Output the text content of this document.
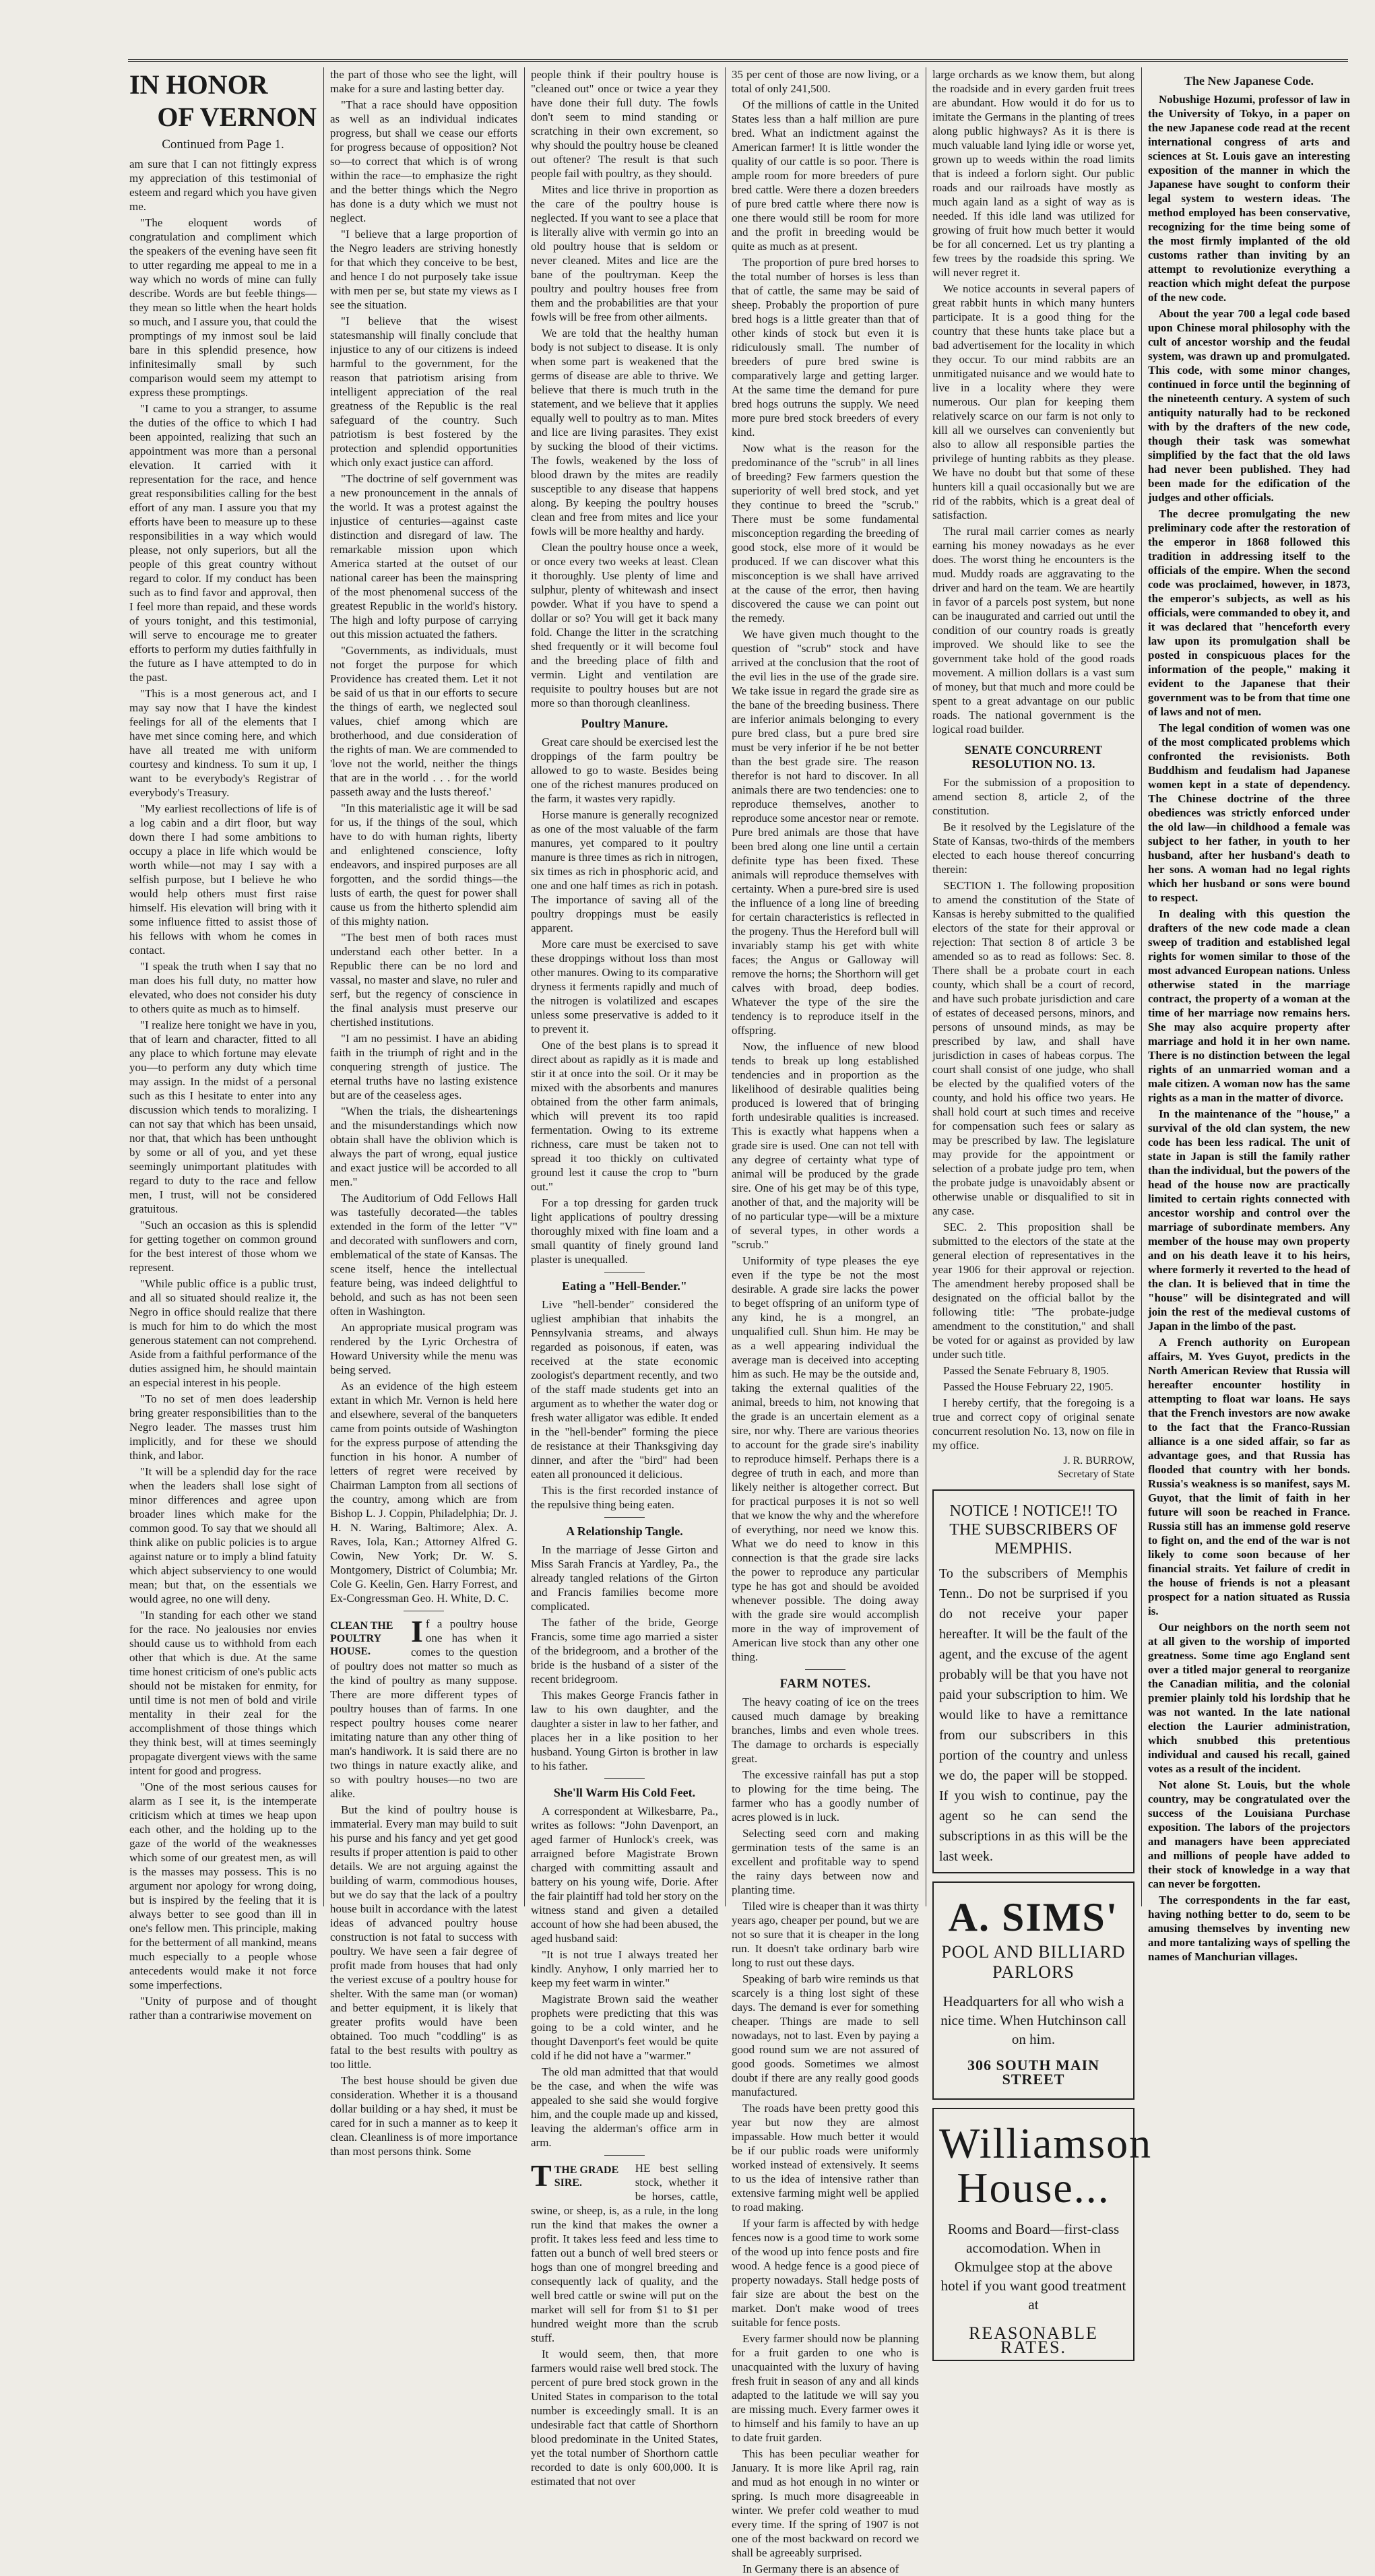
IN HONOR
OF VERNON
Continued from Page 1.

am sure that I can not fittingly express my appreciation of this testimonial of esteem and regard which you have given me.

"The eloquent words of congratulation and compliment which the speakers of the evening have seen fit to utter regarding me appeal to me in a way which no words of mine can fully describe. Words are but feeble things—they mean so little when the heart holds so much, and I assure you, that could the promptings of my inmost soul be laid bare in this splendid presence, how infinitesimally small by such comparison would seem my attempt to express these promptings.

"I came to you a stranger, to assume the duties of the office to which I had been appointed, realizing that such an appointment was more than a personal elevation. It carried with it representation for the race, and hence great responsibilities calling for the best effort of any man. I assure you that my efforts have been to measure up to these responsibilities in a way which would please, not only superiors, but all the people of this great country without regard to color. If my conduct has been such as to find favor and approval, then I feel more than repaid, and these words of yours tonight, and this testimonial, will serve to encourage me to greater efforts to perform my duties faithfully in the future as I have attempted to do in the past.

"This is a most generous act, and I may say now that I have the kindest feelings for all of the elements that I have met since coming here, and which have all treated me with uniform courtesy and kindness. To sum it up, I want to be everybody's Registrar of everybody's Treasury.

"My earliest recollections of life is of a log cabin and a dirt floor, but way down there I had some ambitions to occupy a place in life which would be worth while—not may I say with a selfish purpose, but I believe he who would help others must first raise himself. His elevation will bring with it some influence fitted to assist those of his fellows with whom he comes in contact.

"I speak the truth when I say that no man does his full duty, no matter how elevated, who does not consider his duty to others quite as much as to himself.

"I realize here tonight we have in you, that of learn and character, fitted to all any place to which fortune may elevate you—to perform any duty which time may assign. In the midst of a personal such as this I hesitate to enter into any discussion which tends to moralizing. I can not say that which has been unsaid, nor that, that which has been unthought by some or all of you, and yet these seemingly unimportant platitudes with regard to duty to the race and fellow men, I trust, will not be considered gratuitous.

"Such an occasion as this is splendid for getting together on common ground for the best interest of those whom we represent.

"While public office is a public trust, and all so situated should realize it, the Negro in office should realize that there is much for him to do which the most generous statement can not comprehend. Aside from a faithful performance of the duties assigned him, he should maintain an especial interest in his people.

"To no set of men does leadership bring greater responsibilities than to the Negro leader. The masses trust him implicitly, and for these we should think, and labor.

"It will be a splendid day for the race when the leaders shall lose sight of minor differences and agree upon broader lines which make for the common good. To say that we should all think alike on public policies is to argue against nature or to imply a blind fatuity which abject subserviency to one would mean; but that, on the essentials we would agree, no one will deny.

"In standing for each other we stand for the race. No jealousies nor envies should cause us to withhold from each other that which is due. At the same time honest criticism of one's public acts should not be mistaken for enmity, for until time is not men of bold and virile mentality in their zeal for the accomplishment of those things which they think best, will at times seemingly propagate divergent views with the same intent for good and progress.

"One of the most serious causes for alarm as I see it, is the intemperate criticism which at times we heap upon each other, and the holding up to the gaze of the world of the weaknesses which some of our greatest men, as will is the masses may possess. This is no argument nor apology for wrong doing, but is inspired by the feeling that it is always better to see good than ill in one's fellow men. This principle, making for the betterment of all mankind, means much especially to a people whose antecedents would make it not force some imperfections.

"Unity of purpose and of thought rather than a contrariwise movement on

the part of those who see the light, will make for a sure and lasting better day.

"That a race should have opposition as well as an individual indicates progress, but shall we cease our efforts for progress because of opposition? Not so—to correct that which is of wrong within the race—to emphasize the right and the better things which the Negro has done is a duty which we must not neglect.

"I believe that a large proportion of the Negro leaders are striving honestly for that which they conceive to be best, and hence I do not purposely take issue with men per se, but state my views as I see the situation.

"I believe that the wisest statesmanship will finally conclude that injustice to any of our citizens is indeed harmful to the government, for the reason that patriotism arising from intelligent appreciation of the real greatness of the Republic is the real safeguard of the country. Such patriotism is best fostered by the protection and splendid opportunities which only exact justice can afford.

"The doctrine of self government was a new pronouncement in the annals of the world. It was a protest against the injustice of centuries—against caste distinction and disregard of law. The remarkable mission upon which America started at the outset of our national career has been the mainspring of the most phenomenal success of the greatest Republic in the world's history. The high and lofty purpose of carrying out this mission actuated the fathers.

"Governments, as individuals, must not forget the purpose for which Providence has created them. Let it not be said of us that in our efforts to secure the things of earth, we neglected soul values, chief among which are brotherhood, and due consideration of the rights of man. We are commended to 'love not the world, neither the things that are in the world . . . for the world passeth away and the lusts thereof.'

"In this materialistic age it will be sad for us, if the things of the soul, which have to do with human rights, liberty and enlightened conscience, lofty endeavors, and inspired purposes are all forgotten, and the sordid things—the lusts of earth, the quest for power shall cause us from the hitherto splendid aim of this mighty nation.

"The best men of both races must understand each other better. In a Republic there can be no lord and vassal, no master and slave, no ruler and serf, but the regency of conscience in the final analysis must preserve our chertished institutions.

"I am no pessimist. I have an abiding faith in the triumph of right and in the conquering strength of justice. The eternal truths have no lasting existence but are of the ceaseless ages.

"When the trials, the disheartenings and the misunderstandings which now obtain shall have the oblivion which is always the part of wrong, equal justice and exact justice will be accorded to all men."

The Auditorium of Odd Fellows Hall was tastefully decorated—the tables extended in the form of the letter "V" and decorated with sunflowers and corn, emblematical of the state of Kansas. The scene itself, hence the intellectual feature being, was indeed delightful to behold, and such as has not been seen often in Washington.

An appropriate musical program was rendered by the Lyric Orchestra of Howard University while the menu was being served.

As an evidence of the high esteem extant in which Mr. Vernon is held here and elsewhere, several of the banqueters came from points outside of Washington for the express purpose of attending the function in his honor. A number of letters of regret were received by Chairman Lampton from all sections of the country, among which are from Bishop L. J. Coppin, Philadelphia; Dr. J. H. N. Waring, Baltimore; Alex. A. Raves, Iola, Kan.; Attorney Alfred G. Cowin, New York; Dr. W. S. Montgomery, District of Columbia; Mr. Cole G. Keelin, Gen. Harry Forrest, and Ex-Congressman Geo. H. White, D. C.

CLEAN THE POULTRY HOUSE.
I f a poultry house one has when it comes to the question of poultry does not matter so much as the kind of poultry as many suppose. There are more different types of poultry houses than of farms. In one respect poultry houses come nearer imitating nature than any other thing of man's handiwork. It is said there are no two things in nature exactly alike, and so with poultry houses—no two are alike.

But the kind of poultry house is immaterial. Every man may build to suit his purse and his fancy and yet get good results if proper attention is paid to other details. We are not arguing against the building of warm, commodious houses, but we do say that the lack of a poultry house built in accordance with the latest ideas of advanced poultry house construction is not fatal to success with poultry. We have seen a fair degree of profit made from houses that had only the veriest excuse of a poultry house for shelter. With the same man (or woman) and better equipment, it is likely that greater profits would have been obtained. Too much "coddling" is as fatal to the best results with poultry as too little.

The best house should be given due consideration. Whether it is a thousand dollar building or a hay shed, it must be cared for in such a manner as to keep it clean. Cleanliness is of more importance than most persons think. Some

people think if their poultry house is "cleaned out" once or twice a year they have done their full duty. The fowls don't seem to mind standing or scratching in their own excrement, so why should the poultry house be cleaned out oftener? The result is that such people fail with poultry, as they should.

Mites and lice thrive in proportion as the care of the poultry house is neglected. If you want to see a place that is literally alive with vermin go into an old poultry house that is seldom or never cleaned. Mites and lice are the bane of the poultryman. Keep the poultry and poultry houses free from them and the probabilities are that your fowls will be free from other ailments.

We are told that the healthy human body is not subject to disease. It is only when some part is weakened that the germs of disease are able to thrive. We believe that there is much truth in the statement, and we believe that it applies equally well to poultry as to man. Mites and lice are living parasites. They exist by sucking the blood of their victims. The fowls, weakened by the loss of blood drawn by the mites are readily susceptible to any disease that happens along. By keeping the poultry houses clean and free from mites and lice your fowls will be more healthy and hardy.

Clean the poultry house once a week, or once every two weeks at least. Clean it thoroughly. Use plenty of lime and sulphur, plenty of whitewash and insect powder. What if you have to spend a dollar or so? You will get it back many fold. Change the litter in the scratching shed frequently or it will become foul and the breeding place of filth and vermin. Light and ventilation are requisite to poultry houses but are not more so than thorough cleanliness.

Poultry Manure.

Great care should be exercised lest the droppings of the farm poultry be allowed to go to waste. Besides being one of the richest manures produced on the farm, it wastes very rapidly.

Horse manure is generally recognized as one of the most valuable of the farm manures, yet compared to it poultry manure is three times as rich in nitrogen, six times as rich in phosphoric acid, and one and one half times as rich in potash. The importance of saving all of the poultry droppings must be easily apparent.

More care must be exercised to save these droppings without loss than most other manures. Owing to its comparative dryness it ferments rapidly and much of the nitrogen is volatilized and escapes unless some preservative is added to it to prevent it.

One of the best plans is to spread it direct about as rapidly as it is made and stir it at once into the soil. Or it may be mixed with the absorbents and manures obtained from the other farm animals, which will prevent its too rapid fermentation. Owing to its extreme richness, care must be taken not to spread it too thickly on cultivated ground lest it cause the crop to "burn out."

For a top dressing for garden truck light applications of poultry dressing thoroughly mixed with fine loam and a small quantity of finely ground land plaster is unequalled.

Eating a "Hell-Bender."

Live "hell-bender" considered the ugliest amphibian that inhabits the Pennsylvania streams, and always regarded as poisonous, if eaten, was received at the state economic zoologist's department recently, and two of the staff made students get into an argument as to whether the water dog or fresh water alligator was edible. It ended in the "hell-bender" forming the piece de resistance at their Thanksgiving day dinner, and after the "bird" had been eaten all pronounced it delicious.

This is the first recorded instance of the repulsive thing being eaten.

A Relationship Tangle.

In the marriage of Jesse Girton and Miss Sarah Francis at Yardley, Pa., the already tangled relations of the Girton and Francis families become more complicated.

The father of the bride, George Francis, some time ago married a sister of the bridegroom, and a brother of the bride is the husband of a sister of the recent bridegroom.

This makes George Francis father in law to his own daughter, and the daughter a sister in law to her father, and places her in a like position to her husband. Young Girton is brother in law to his father.

She'll Warm His Cold Feet.

A correspondent at Wilkesbarre, Pa., writes as follows: "John Davenport, an aged farmer of Hunlock's creek, was arraigned before Magistrate Brown charged with committing assault and battery on his young wife, Dorie. After the fair plaintiff had told her story on the witness stand and given a detailed account of how she had been abused, the aged husband said:

"It is not true I always treated her kindly. Anyhow, I only married her to keep my feet warm in winter."

Magistrate Brown said the weather prophets were predicting that this was going to be a cold winter, and he thought Davenport's feet would be quite cold if he did not have a "warmer."

The old man admitted that that would be the case, and when the wife was appealed to she said she would forgive him, and the couple made up and kissed, leaving the alderman's office arm in arm.

T THE GRADE SIRE.

HE best selling stock, whether it be horses, cattle, swine, or sheep, is, as a rule, in the long run the kind that makes the owner a profit. It takes less feed and less time to fatten out a bunch of well bred steers or hogs than one of mongrel breeding and consequently lack of quality, and the well bred cattle or swine will put on the market will sell for from $1 to $1 per hundred weight more than the scrub stuff.

It would seem, then, that more farmers would raise well bred stock. The percent of pure bred stock grown in the United States in comparison to the total number is exceedingly small. It is an undesirable fact that cattle of Shorthorn blood predominate in the United States, yet the total number of Shorthorn cattle recorded to date is only 600,000. It is estimated that not over

35 per cent of those are now living, or a total of only 241,500.

Of the millions of cattle in the United States less than a half million are pure bred. What an indictment against the American farmer! It is little wonder the quality of our cattle is so poor. There is ample room for more breeders of pure bred cattle. Were there a dozen breeders of pure bred cattle where there now is one there would still be room for more and the profit in breeding would be quite as much as at present.

The proportion of pure bred horses to the total number of horses is less than that of cattle, the same may be said of sheep. Probably the proportion of pure bred hogs is a little greater than that of other kinds of stock but even it is ridiculously small. The number of breeders of pure bred swine is comparatively large and getting larger. At the same time the demand for pure bred hogs outruns the supply. We need more pure bred stock breeders of every kind.

Now what is the reason for the predominance of the "scrub" in all lines of breeding? Few farmers question the superiority of well bred stock, and yet they continue to breed the "scrub." There must be some fundamental misconception regarding the breeding of good stock, else more of it would be produced. If we can discover what this misconception is we shall have arrived at the cause of the error, then having discovered the cause we can point out the remedy.

We have given much thought to the question of "scrub" stock and have arrived at the conclusion that the root of the evil lies in the use of the grade sire. We take issue in regard the grade sire as the bane of the breeding business. There are inferior animals belonging to every pure bred class, but a pure bred sire must be very inferior if he be not better than the best grade sire. The reason therefor is not hard to discover. In all animals there are two tendencies: one to reproduce themselves, another to reproduce some ancestor near or remote. Pure bred animals are those that have been bred along one line until a certain definite type has been fixed. These animals will reproduce themselves with certainty. When a pure-bred sire is used the influence of a long line of breeding for certain characteristics is reflected in the progeny. Thus the Hereford bull will invariably stamp his get with white faces; the Angus or Galloway will remove the horns; the Shorthorn will get calves with broad, deep bodies. Whatever the type of the sire the tendency is to reproduce itself in the offspring.

Now, the influence of new blood tends to break up long established tendencies and in proportion as the likelihood of desirable qualities being produced is lowered that of bringing forth undesirable qualities is increased. This is exactly what happens when a grade sire is used. One can not tell with any degree of certainty what type of animal will be produced by the grade sire. One of his get may be of this type, another of that, and the majority will be of no particular type—will be a mixture of several types, in other words a "scrub."

Uniformity of type pleases the eye even if the type be not the most desirable. A grade sire lacks the power to beget offspring of an uniform type of any kind, he is a mongrel, an unqualified cull. Shun him. He may be as a well appearing individual the average man is deceived into accepting him as such. He may be the outside and, taking the external qualities of the animal, breeds to him, not knowing that the grade is an uncertain element as a sire, nor why. There are various theories to account for the grade sire's inability to reproduce himself. Perhaps there is a degree of truth in each, and more than likely neither is altogether correct. But for practical purposes it is not so well that we know the why and the wherefore of everything, nor need we know this. What we do need to know in this connection is that the grade sire lacks the power to reproduce any particular type he has got and should be avoided whenever possible. The doing away with the grade sire would accomplish more in the way of improvement of American live stock than any other one thing.

FARM NOTES.

The heavy coating of ice on the trees caused much damage by breaking branches, limbs and even whole trees. The damage to orchards is especially great.

The excessive rainfall has put a stop to plowing for the time being. The farmer who has a goodly number of acres plowed is in luck.

Selecting seed corn and making germination tests of the same is an excellent and profitable way to spend the rainy days between now and planting time.

Tiled wire is cheaper than it was thirty years ago, cheaper per pound, but we are not so sure that it is cheaper in the long run. It doesn't take ordinary barb wire long to rust out these days.

Speaking of barb wire reminds us that scarcely is a thing lost sight of these days. The demand is ever for something cheaper. Things are made to sell nowadays, not to last. Even by paying a good round sum we are not assured of good goods. Sometimes we almost doubt if there are any really good goods manufactured.

The roads have been pretty good this year but now they are almost impassable. How much better it would be if our public roads were uniformly worked instead of extensively. It seems to us the idea of intensive rather than extensive farming might well be applied to road making.

If your farm is affected by with hedge fences now is a good time to work some of the wood up into fence posts and fire wood. A hedge fence is a good piece of property nowadays. Stall hedge posts of fair size are about the best on the market. Don't make wood of trees suitable for fence posts.

Every farmer should now be planning for a fruit garden to one who is unacquainted with the luxury of having fresh fruit in season of any and all kinds adapted to the latitude we will say you are missing much. Every farmer owes it to himself and his family to have an up to date fruit garden.

This has been peculiar weather for January. It is more like April rag, rain and mud as hot enough in no winter or spring. Is much more disagreeable in winter. We prefer cold weather to mud every time. If the spring of 1907 is not one of the most backward on record we shall be agreeably surprised.

In Germany there is an absence of

large orchards as we know them, but along the roadside and in every garden fruit trees are abundant. How would it do for us to imitate the Germans in the planting of trees along public highways? As it is there is much valuable land lying idle or worse yet, grown up to weeds within the road limits that is indeed a forlorn sight. Our public roads and our railroads have mostly as much again land as a sight of way as is needed. If this idle land was utilized for growing of fruit how much better it would be for all concerned. Let us try planting a few trees by the roadside this spring. We will never regret it.

We notice accounts in several papers of great rabbit hunts in which many hunters participate. It is a good thing for the country that these hunts take place but a bad advertisement for the locality in which they occur. To our mind rabbits are an unmitigated nuisance and we would hate to live in a locality where they were numerous. Our plan for keeping them relatively scarce on our farm is not only to kill all we ourselves can conveniently but also to allow all responsible parties the privilege of hunting rabbits as they please. We have no doubt but that some of these hunters kill a quail occasionally but we are rid of the rabbits, which is a great deal of satisfaction.

The rural mail carrier comes as nearly earning his money nowadays as he ever does. The worst thing he encounters is the mud. Muddy roads are aggravating to the driver and hard on the team. We are heartily in favor of a parcels post system, but none can be inaugurated and carried out until the condition of our country roads is greatly improved. We should like to see the government take hold of the good roads movement. A million dollars is a vast sum of money, but that much and more could be spent to a great advantage on our public roads. The national government is the logical road builder.

SENATE CONCURRENT RESOLUTION NO. 13.

For the submission of a proposition to amend section 8, article 2, of the constitution.

Be it resolved by the Legislature of the State of Kansas, two-thirds of the members elected to each house thereof concurring therein:

SECTION 1. The following proposition to amend the constitution of the State of Kansas is hereby submitted to the qualified electors of the state for their approval or rejection: That section 8 of article 3 be amended so as to read as follows: Sec. 8. There shall be a probate court in each county, which shall be a court of record, and have such probate jurisdiction and care of estates of deceased persons, minors, and persons of unsound minds, as may be prescribed by law, and shall have jurisdiction in cases of habeas corpus. The court shall consist of one judge, who shall be elected by the qualified voters of the county, and hold his office two years. He shall hold court at such times and receive for compensation such fees or salary as may be prescribed by law. The legislature may provide for the appointment or selection of a probate judge pro tem, when the probate judge is unavoidably absent or otherwise unable or disqualified to sit in any case.

SEC. 2. This proposition shall be submitted to the electors of the state at the general election of representatives in the year 1906 for their approval or rejection. The amendment hereby proposed shall be designated on the official ballot by the following title: "The probate-judge amendment to the constitution," and shall be voted for or against as provided by law under such title.

Passed the Senate February 8, 1905.

Passed the House February 22, 1905.

I hereby certify, that the foregoing is a true and correct copy of original senate concurrent resolution No. 13, now on file in my office.

J. R. BURROW,
Secretary of State
NOTICE ! NOTICE!! TO THE SUBSCRIBERS OF MEMPHIS.
To the subscribers of Memphis Tenn.. Do not be surprised if you do not receive your paper hereafter. It will be the fault of the agent, and the excuse of the agent probably will be that you have not paid your subscription to him. We would like to have a remittance from our subscribers in this portion of the country and unless we do, the paper will be stopped. If you wish to continue, pay the agent so he can send the subscriptions in as this will be the last week.
A. SIMS'
POOL AND BILLIARD PARLORS
Headquarters for all who wish a nice time. When Hutchinson call on him.
306 SOUTH MAIN STREET
Williamson House...
Rooms and Board—first-class accomodation. When in Okmulgee stop at the above hotel if you want good treatment at
REASONABLE RATES.
The New Japanese Code.

Nobushige Hozumi, professor of law in the University of Tokyo, in a paper on the new Japanese code read at the recent international congress of arts and sciences at St. Louis gave an interesting exposition of the manner in which the Japanese have sought to conform their legal system to western ideas. The method employed has been conservative, recognizing for the time being some of the most firmly implanted of the old customs rather than inviting by an attempt to revolutionize everything a reaction which might defeat the purpose of the new code.

About the year 700 a legal code based upon Chinese moral philosophy with the cult of ancestor worship and the feudal system, was drawn up and promulgated. This code, with some minor changes, continued in force until the beginning of the nineteenth century. A system of such antiquity naturally had to be reckoned with by the drafters of the new code, though their task was somewhat simplified by the fact that the old laws had never been published. They had been made for the edification of the judges and other officials.

The decree promulgating the new preliminary code after the restoration of the emperor in 1868 followed this tradition in addressing itself to the officials of the empire. When the second code was proclaimed, however, in 1873, the emperor's subjects, as well as his officials, were commanded to obey it, and it was declared that "henceforth every law upon its promulgation shall be posted in conspicuous places for the information of the people," making it evident to the Japanese that their government was to be from that time one of laws and not of men.

The legal condition of women was one of the most complicated problems which confronted the revisionists. Both Buddhism and feudalism had Japanese women kept in a state of dependency. The Chinese doctrine of the three obediences was strictly enforced under the old law—in childhood a female was subject to her father, in youth to her husband, after her husband's death to her sons. A woman had no legal rights which her husband or sons were bound to respect.

In dealing with this question the drafters of the new code made a clean sweep of tradition and established legal rights for women similar to those of the most advanced European nations. Unless otherwise stated in the marriage contract, the property of a woman at the time of her marriage now remains hers. She may also acquire property after marriage and hold it in her own name. There is no distinction between the legal rights of an unmarried woman and a male citizen. A woman now has the same rights as a man in the matter of divorce.

In the maintenance of the "house," a survival of the old clan system, the new code has been less radical. The unit of state in Japan is still the family rather than the individual, but the powers of the head of the house now are practically limited to certain rights connected with ancestor worship and control over the marriage of subordinate members. Any member of the house may own property and on his death leave it to his heirs, where formerly it reverted to the head of the clan. It is believed that in time the "house" will be disintegrated and will join the rest of the medieval customs of Japan in the limbo of the past.

A French authority on European affairs, M. Yves Guyot, predicts in the North American Review that Russia will hereafter encounter hostility in attempting to float war loans. He says that the French investors are now awake to the fact that the Franco-Russian alliance is a one sided affair, so far as advantage goes, and that Russia has flooded that country with her bonds. Russia's weakness is so manifest, says M. Guyot, that the limit of faith in her future will soon be reached in France. Russia still has an immense gold reserve to fight on, and the end of the war is not likely to come soon because of her financial straits. Yet failure of credit in the house of friends is not a pleasant prospect for a nation situated as Russia is.

Our neighbors on the north seem not at all given to the worship of imported greatness. Some time ago England sent over a titled major general to reorganize the Canadian militia, and the colonial premier plainly told his lordship that he was not wanted. In the late national election the Laurier administration, which snubbed this pretentious individual and caused his recall, gained votes as a result of the incident.

Not alone St. Louis, but the whole country, may be congratulated over the success of the Louisiana Purchase exposition. The labors of the projectors and managers have been appreciated and millions of people have added to their stock of knowledge in a way that can never be forgotten.

The correspondents in the far east, having nothing better to do, seem to be amusing themselves by inventing new and more tantalizing ways of spelling the names of Manchurian villages.
